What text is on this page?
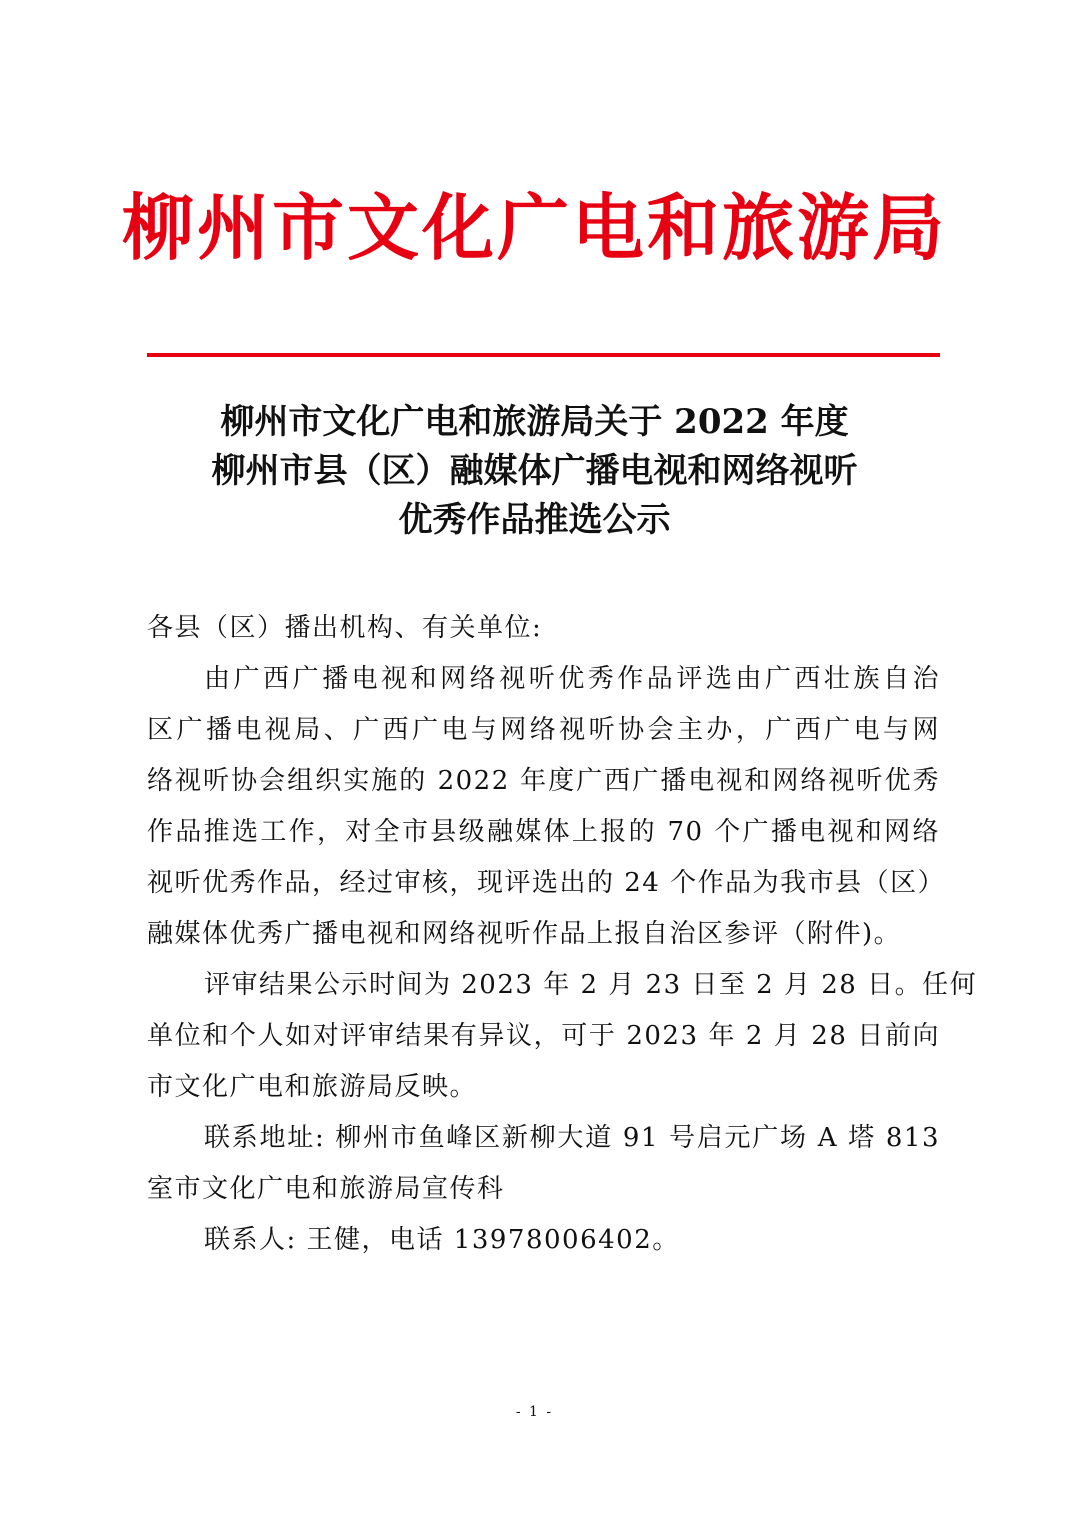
柳州市文化广电和旅游局
柳州市文化广电和旅游局关于 2022 年度
柳州市县（区）融媒体广播电视和网络视听
优秀作品推选公示
各县（区）播出机构、有关单位:
由广西广播电视和网络视听优秀作品评选由广西壮族自治
区广播电视局、广西广电与网络视听协会主办，广西广电与网
络视听协会组织实施的 2022 年度广西广播电视和网络视听优秀
作品推选工作，对全市县级融媒体上报的 70 个广播电视和网络
视听优秀作品，经过审核，现评选出的 24 个作品为我市县（区）
融媒体优秀广播电视和网络视听作品上报自治区参评（附件)。
评审结果公示时间为 2023 年 2 月 23 日至 2 月 28 日。任何
单位和个人如对评审结果有异议，可于 2023 年 2 月 28 日前向
市文化广电和旅游局反映。
联系地址: 柳州市鱼峰区新柳大道 91 号启元广场 A 塔 813
室市文化广电和旅游局宣传科
联系人: 王健，电话 13978006402。
- 1 -
